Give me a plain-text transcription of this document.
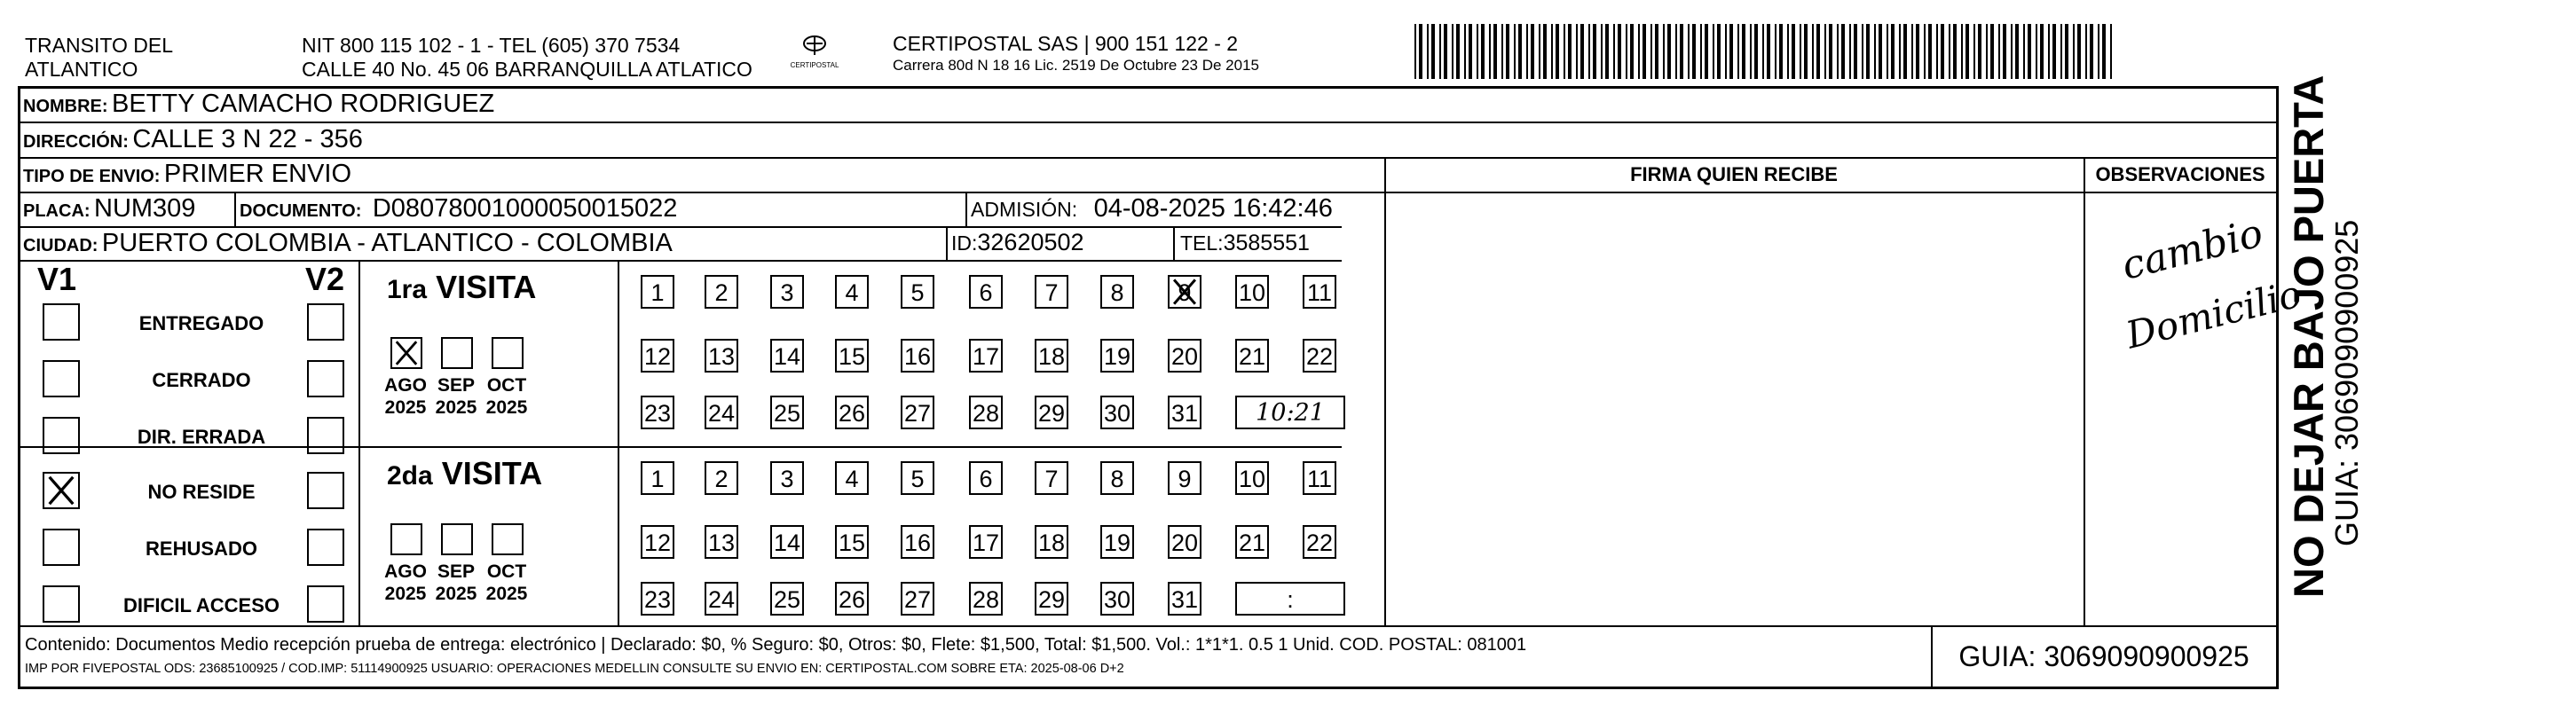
TRANSITO DEL
ATLANTICO
NIT 800 115 102 - 1 - TEL (605) 370 7534
CALLE 40 No. 45 06 BARRANQUILLA ATLATICO	CERTIPOSTAL
CERTIPOSTAL SAS | 900 151 122 - 2
Carrera 80d N 18 16 Lic. 2519 De Octubre 23 De 2015
NOMBRE: BETTY CAMACHO RODRIGUEZ
DIRECCIÓN: CALLE 3 N 22 - 356
TIPO DE ENVIO: PRIMER ENVIO	FIRMA QUIEN RECIBE	OBSERVACIONES
PLACA: NUM309 DOCUMENTO: D080780010000500150​22	ADMISIÓN: 04-08-2025 16:42:46
CIUDAD: PUERTO COLOMBIA - ATLANTICO - COLOMBIA	ID:32620502	TEL:3585551
V1	V2
ENTREGADO
CERRADO
DIR. ERRADA
NO RESIDE
REHUSADO
DIFICIL ACCESO
1ra VISITA
2da VISITA
1	2	3	4	5	6	7	8	9	10 11
12 13 14 15 16 17 18 19 20 21 22
23 24 25 26 27 28 29 30 31	10:21
AGO
2025
SEP
2025
OCT
2025
1	2	3	4	5	6	7	8	9	10 11
12 13 14 15 16 17 18 19 20 21 22
23 24 25 26 27 28 29 30 31	:
AGO
2025
SEP
2025
OCT
2025
cambio
Domicilio
Contenido: Documentos Medio recepción prueba de entrega: electrónico | Declarado: $0, % Seguro: $0, Otros: $0, Flete: $1,500, Total: $1,500. Vol.: 1*1*1. 0.5 1 Unid. COD. POSTAL: 081001
IMP POR FIVEPOSTAL ODS: 23685100925 / COD.IMP: 51114900925 USUARIO: OPERACIONES MEDELLIN CONSULTE SU ENVIO EN: CERTIPOSTAL.COM SOBRE ETA: 2025-08-06 D+2	GUIA: 3069090900925
NO DEJAR BAJO PUERTA
GUIA: 3069090900925
